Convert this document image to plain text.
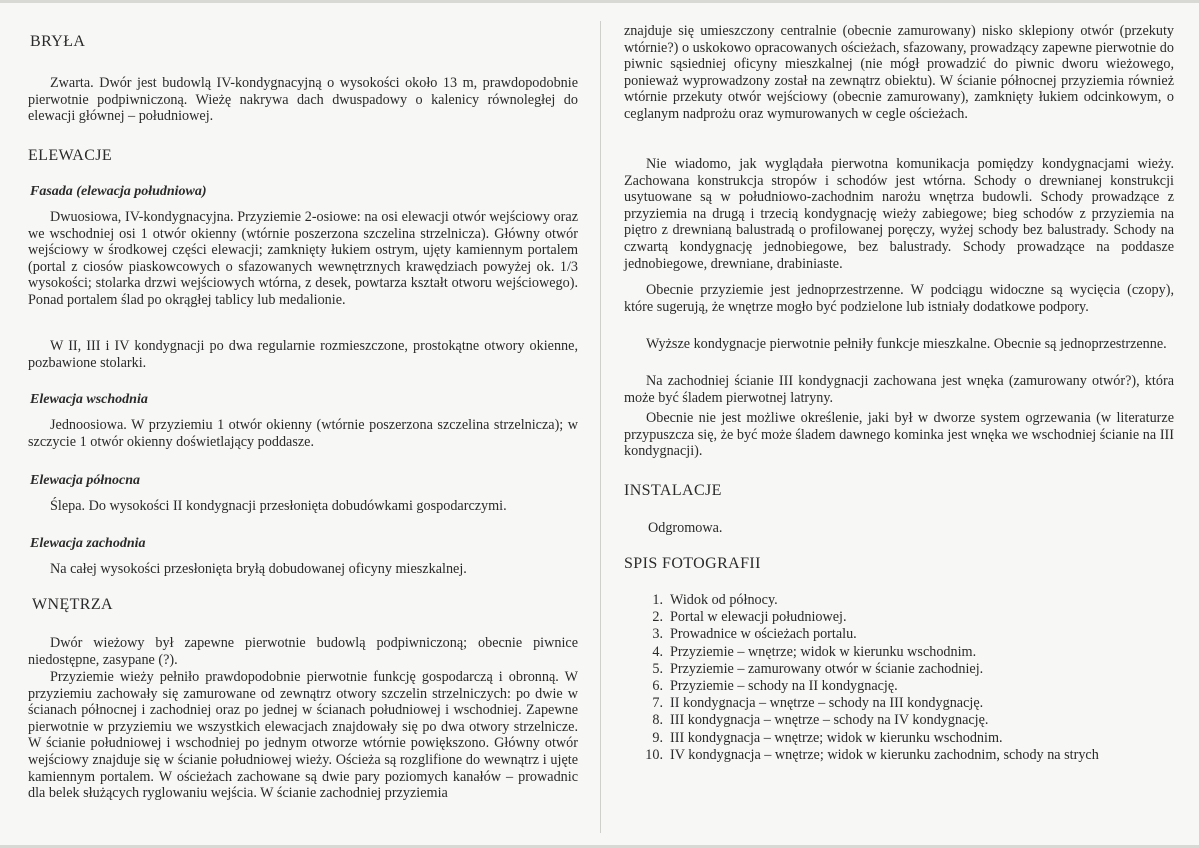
BRYŁA

Zwarta. Dwór jest budowlą IV-kondygnacyjną o wysokości około 13 m, prawdopodobnie pierwotnie podpiwniczoną. Wieżę nakrywa dach dwuspadowy o kalenicy równoległej do elewacji głównej – południowej.

ELEWACJE
Fasada (elewacja południowa)

Dwuosiowa, IV-kondygnacyjna. Przyziemie 2-osiowe: na osi elewacji otwór wejściowy oraz we wschodniej osi 1 otwór okienny (wtórnie poszerzona szczelina strzelnicza). Główny otwór wejściowy w środkowej części elewacji; zamknięty łukiem ostrym, ujęty kamiennym portalem (portal z ciosów piaskowcowych o sfazowanych wewnętrznych krawędziach powyżej ok. 1/3 wysokości; stolarka drzwi wejściowych wtórna, z desek, powtarza kształt otworu wejściowego). Ponad portalem ślad po okrągłej tablicy lub medalionie.

W II, III i IV kondygnacji po dwa regularnie rozmieszczone, prostokątne otwory okienne, pozbawione stolarki.

Elewacja wschodnia

Jednoosiowa. W przyziemiu 1 otwór okienny (wtórnie poszerzona szczelina strzelnicza); w szczycie 1 otwór okienny doświetlający poddasze.

Elewacja północna

Ślepa. Do wysokości II kondygnacji przesłonięta dobudówkami gospodarczymi.

Elewacja zachodnia

Na całej wysokości przesłonięta bryłą dobudowanej oficyny mieszkalnej.

WNĘTRZA

Dwór wieżowy był zapewne pierwotnie budowlą podpiwniczoną; obecnie piwnice niedostępne, zasypane (?).

Przyziemie wieży pełniło prawdopodobnie pierwotnie funkcję gospodarczą i obronną. W przyziemiu zachowały się zamurowane od zewnątrz otwory szczelin strzelniczych: po dwie w ścianach północnej i zachodniej oraz po jednej w ścianach południowej i wschodniej. Zapewne pierwotnie w przyziemiu we wszystkich elewacjach znajdowały się po dwa otwory strzelnicze. W ścianie południowej i wschodniej po jednym otworze wtórnie powiększono. Główny otwór wejściowy znajduje się w ścianie południowej wieży. Ościeża są rozglifione do wewnątrz i ujęte kamiennym portalem. W ościeżach zachowane są dwie pary poziomych kanałów – prowadnic dla belek służących ryglowaniu wejścia. W ścianie zachodniej przyziemia

znajduje się umieszczony centralnie (obecnie zamurowany) nisko sklepiony otwór (przekuty wtórnie?) o uskokowo opracowanych ościeżach, sfazowany, prowadzący zapewne pierwotnie do piwnic sąsiedniej oficyny mieszkalnej (nie mógł prowadzić do piwnic dworu wieżowego, ponieważ wyprowadzony został na zewnątrz obiektu). W ścianie północnej przyziemia również wtórnie przekuty otwór wejściowy (obecnie zamurowany), zamknięty łukiem odcinkowym, o ceglanym nadprożu oraz wymurowanych w cegle ościeżach.

Nie wiadomo, jak wyglądała pierwotna komunikacja pomiędzy kondygnacjami wieży. Zachowana konstrukcja stropów i schodów jest wtórna. Schody o drewnianej konstrukcji usytuowane są w południowo-zachodnim narożu wnętrza budowli. Schody prowadzące z przyziemia na drugą i trzecią kondygnację wieży zabiegowe; bieg schodów z przyziemia na piętro z drewnianą balustradą o profilowanej poręczy, wyżej schody bez balustrady. Schody na czwartą kondygnację jednobiegowe, bez balustrady. Schody prowadzące na poddasze jednobiegowe, drewniane, drabiniaste.

Obecnie przyziemie jest jednoprzestrzenne. W podciągu widoczne są wycięcia (czopy), które sugerują, że wnętrze mogło być podzielone lub istniały dodatkowe podpory.

Wyższe kondygnacje pierwotnie pełniły funkcje mieszkalne. Obecnie są jednoprzestrzenne.

Na zachodniej ścianie III kondygnacji zachowana jest wnęka (zamurowany otwór?), która może być śladem pierwotnej latryny.

Obecnie nie jest możliwe określenie, jaki był w dworze system ogrzewania (w literaturze przypuszcza się, że być może śladem dawnego kominka jest wnęka we wschodniej ścianie na III kondygnacji).

INSTALACJE

Odgromowa.

SPIS FOTOGRAFII
1. Widok od północy.
2. Portal w elewacji południowej.
3. Prowadnice w ościeżach portalu.
4. Przyziemie – wnętrze; widok w kierunku wschodnim.
5. Przyziemie – zamurowany otwór w ścianie zachodniej.
6. Przyziemie – schody na II kondygnację.
7. II kondygnacja – wnętrze – schody na III kondygnację.
8. III kondygnacja – wnętrze – schody na IV kondygnację.
9. III kondygnacja – wnętrze; widok w kierunku wschodnim.
10. IV kondygnacja – wnętrze; widok w kierunku zachodnim, schody na strych
